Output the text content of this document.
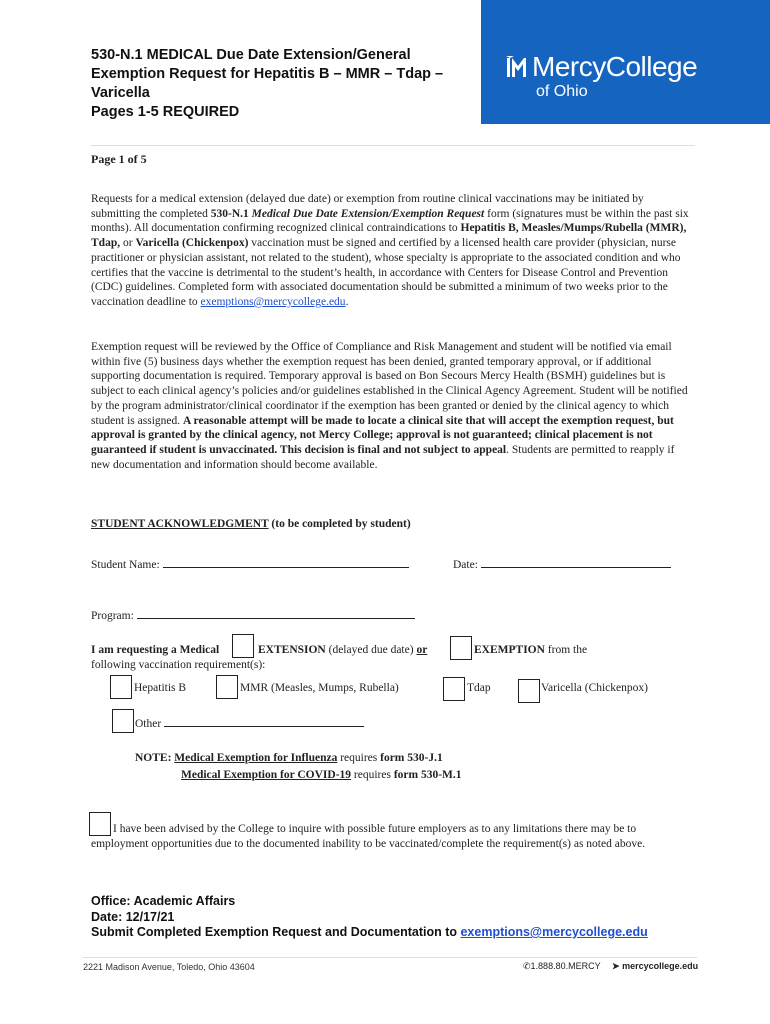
530-N.1 MEDICAL Due Date Extension/General
Exemption Request for Hepatitis B – MMR – Tdap –
Varicella
Pages 1-5 REQUIRED
MercyCollege
of Ohio
Page 1 of 5

Requests for a medical extension (delayed due date) or exemption from routine clinical vaccinations may be initiated by submitting the completed 530-N.1 Medical Due Date Extension/Exemption Request form (signatures must be within the past six months). All documentation confirming recognized clinical contraindications to Hepatitis B, Measles/Mumps/Rubella (MMR), Tdap, or Varicella (Chickenpox) vaccination must be signed and certified by a licensed health care provider (physician, nurse practitioner or physician assistant, not related to the student), whose specialty is appropriate to the associated condition and who certifies that the vaccine is detrimental to the student’s health, in accordance with Centers for Disease Control and Prevention (CDC) guidelines. Completed form with associated documentation should be submitted a minimum of two weeks prior to the vaccination deadline to exemptions@mercycollege.edu.

Exemption request will be reviewed by the Office of Compliance and Risk Management and student will be notified via email within five (5) business days whether the exemption request has been denied, granted temporary approval, or if additional supporting documentation is required. Temporary approval is based on Bon Secours Mercy Health (BSMH) guidelines but is subject to each clinical agency’s policies and/or guidelines established in the Clinical Agency Agreement. Student will be notified by the program administrator/clinical coordinator if the exemption has been granted or denied by the clinical agency to which student is assigned. A reasonable attempt will be made to locate a clinical site that will accept the exemption request, but approval is granted by the clinical agency, not Mercy College; approval is not guaranteed; clinical placement is not guaranteed if student is unvaccinated. This decision is final and not subject to appeal. Students are permitted to reapply if new documentation and information should become available.

STUDENT ACKNOWLEDGMENT (to be completed by student)
Student Name:	Date:
Program:
I am requesting a Medical	EXTENSION (delayed due date) or	EXEMPTION from the
following vaccination requirement(s):
Hepatitis B	MMR (Measles, Mumps, Rubella)	Tdap	Varicella (Chickenpox)
Other
NOTE: Medical Exemption for Influenza requires form 530-J.1
Medical Exemption for COVID-19 requires form 530-M.1
I have been advised by the College to inquire with possible future employers as to any limitations there may be to employment opportunities due to the documented inability to be vaccinated/complete the requirement(s) as noted above.
Office: Academic Affairs
Date: 12/17/21
Submit Completed Exemption Request and Documentation to exemptions@mercycollege.edu
2221 Madison Avenue, Toledo, Ohio 43604	✆1.888.80.MERCY ➤ mercycollege.edu
